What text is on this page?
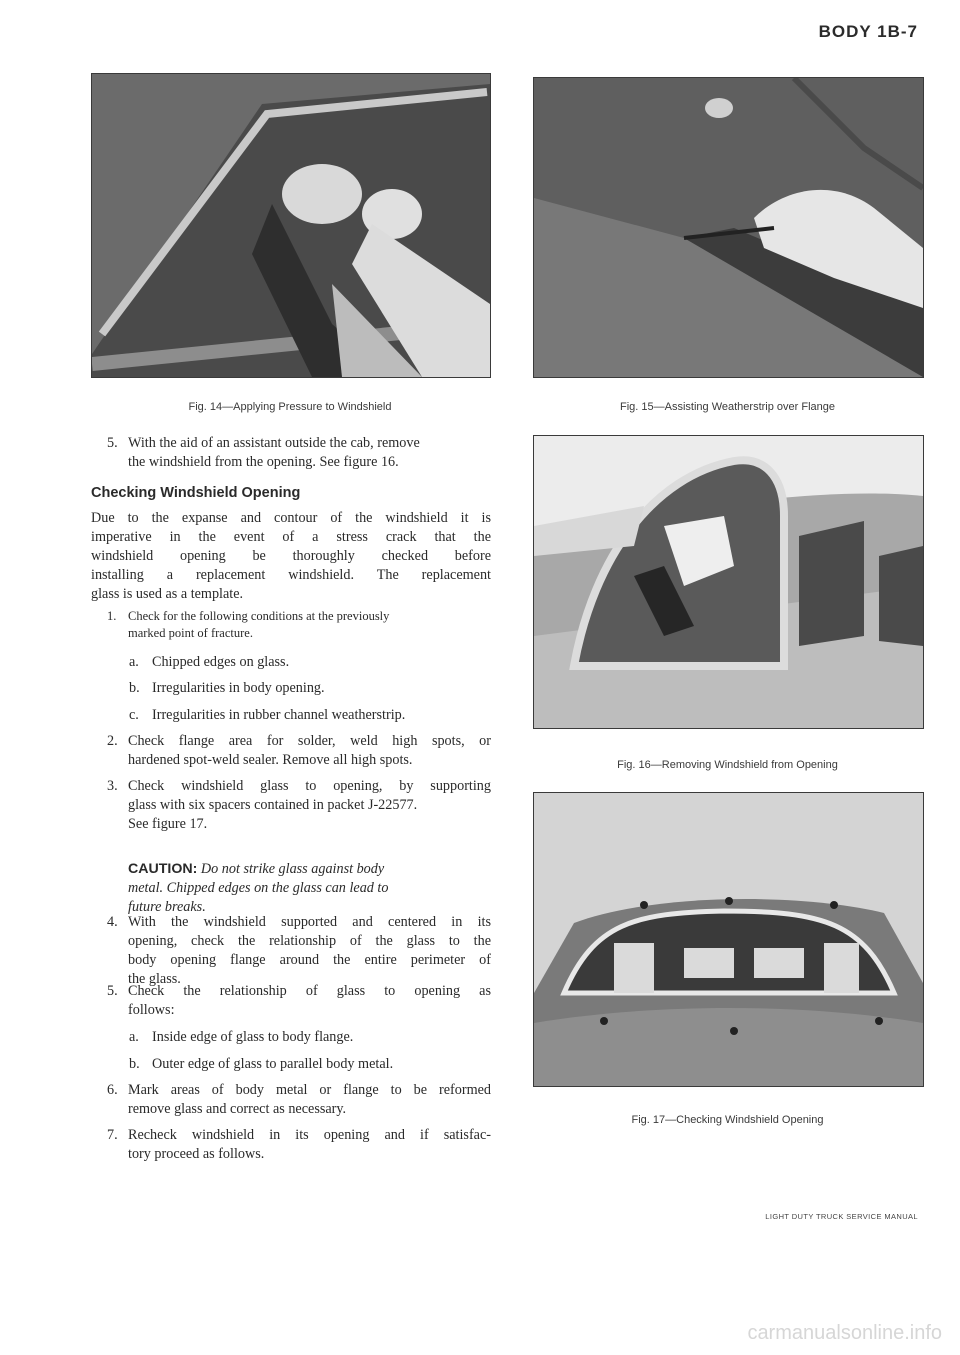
BODY 1B-7
Fig. 14—Applying Pressure to Windshield	Fig. 15—Assisting Weatherstrip over Flange
5. With the aid of an assistant outside the cab, remove
the windshield from the opening. See figure 16.
Checking Windshield Opening
Due to the expanse and contour of the windshield it is
imperative in the event of a stress crack that the
windshield opening be thoroughly checked before
installing a replacement windshield. The replacement
glass is used as a template.
1. Check for the following conditions at the previously
marked point of fracture.
a. Chipped edges on glass.
b. Irregularities in body opening.
c. Irregularities in rubber channel weatherstrip.
2. Check flange area for solder, weld high spots, or
hardened spot-weld sealer. Remove all high spots.
3. Check windshield glass to opening, by supporting
glass with six spacers contained in packet J-22577.
See figure 17.
CAUTION: Do not strike glass against body
metal. Chipped edges on the glass can lead to
future breaks.
4. With the windshield supported and centered in its
opening, check the relationship of the glass to the
body opening flange around the entire perimeter of
the glass.
5. Check the relationship of glass to opening as
follows:
a. Inside edge of glass to body flange.
b. Outer edge of glass to parallel body metal.
6. Mark areas of body metal or flange to be reformed
remove glass and correct as necessary.
7. Recheck windshield in its opening and if satisfac-
tory proceed as follows.
Fig. 16—Removing Windshield from Opening
Fig. 17—Checking Windshield Opening
LIGHT DUTY TRUCK SERVICE MANUAL
carmanualsonline.info
